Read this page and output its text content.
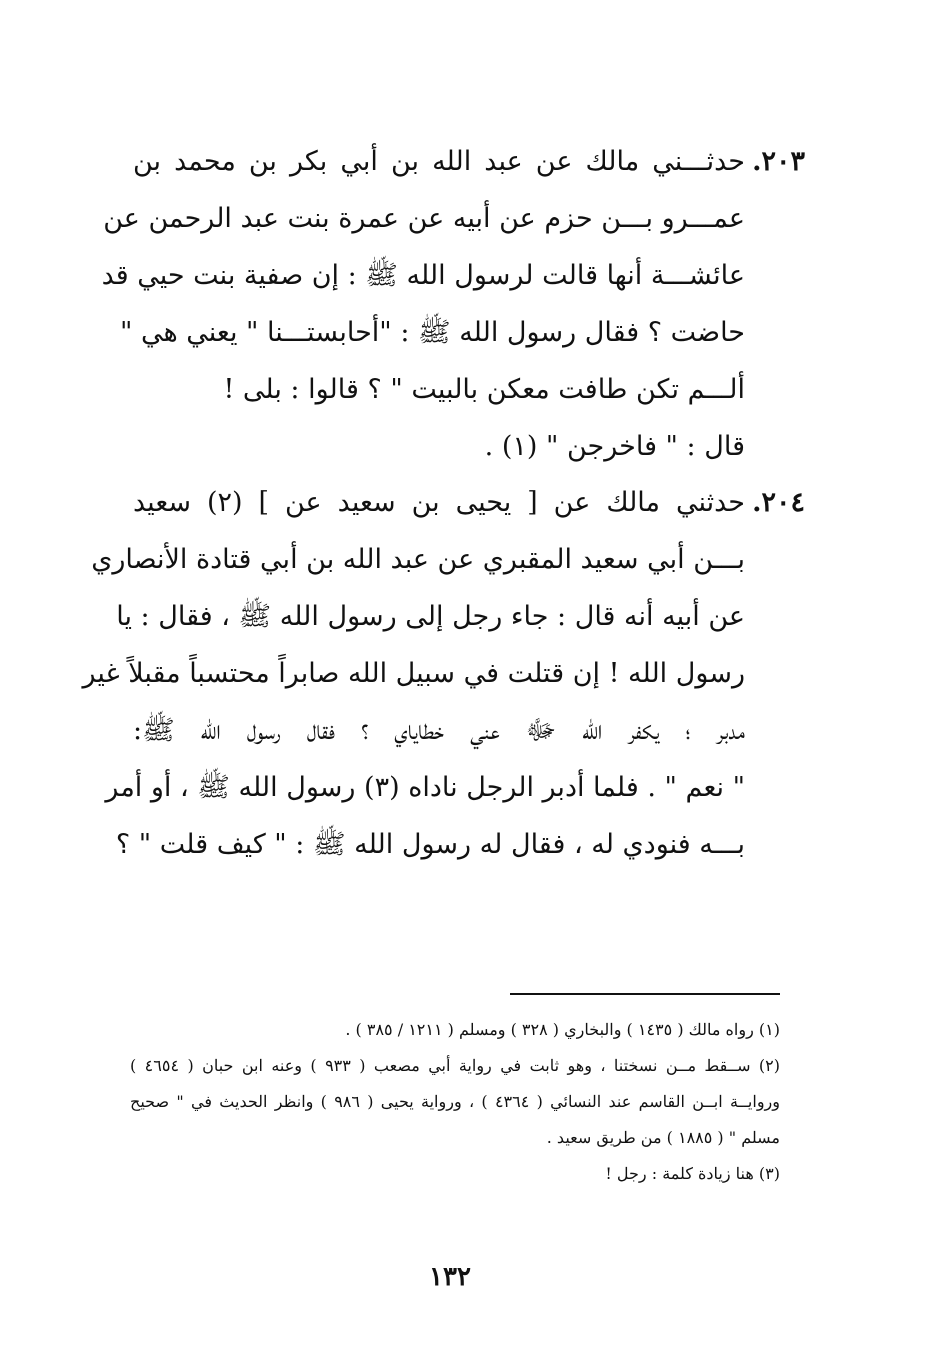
٢٠٣.
حدثـــني مالك عن عبد الله بن أبي بكر بن محمد بن
عمـــرو بـــن حزم عن أبيه عن عمرة بنت عبد الرحمن عن
عائشـــة أنها قالت لرسول الله ﷺ : إن صفية بنت حيي قد
حاضت ؟ فقال رسول الله ﷺ : "أحابستـــنا " يعني هي "
ألـــم تكن طافت معكن بالبيت " ؟ قالوا : بلى !
قال : " فاخرجن " (١) .
٢٠٤.
حدثني مالك عن [ يحيى بن سعيد عن ] (٢) سعيد
بـــن أبي سعيد المقبري عن عبد الله بن أبي قتادة الأنصاري
عن أبيه أنه قال : جاء رجل إلى رسول الله ﷺ ، فقال : يا
رسول الله ! إن قتلت في سبيل الله صابراً محتسباً مقبلاً غير
مدبر ؛ يكفر الله ﷻ عني خطاياي ؟ فقال رسول الله ﷺ:
" نعم " . فلما أدبر الرجل ناداه (٣) رسول الله ﷺ ، أو أمر
بـــه فنودي له ، فقال له رسول الله ﷺ : " كيف قلت " ؟
(١) رواه مالك ( ١٤٣٥ ) والبخاري ( ٣٢٨ ) ومسلم ( ١٢١١ / ٣٨٥ ) .
(٢) ســقط مــن نسختنا ، وهو ثابت في رواية أبي مصعب ( ٩٣٣ ) وعنه ابن حبان ( ٤٦٥٤ )
وروايــة ابــن القاسم عند النسائي ( ٤٣٦٤ ) ، ورواية يحيى ( ٩٨٦ ) وانظر الحديث في " صحيح
مسلم " ( ١٨٨٥ ) من طريق سعيد .
(٣) هنا زيادة كلمة : رجل !
١٣٢
